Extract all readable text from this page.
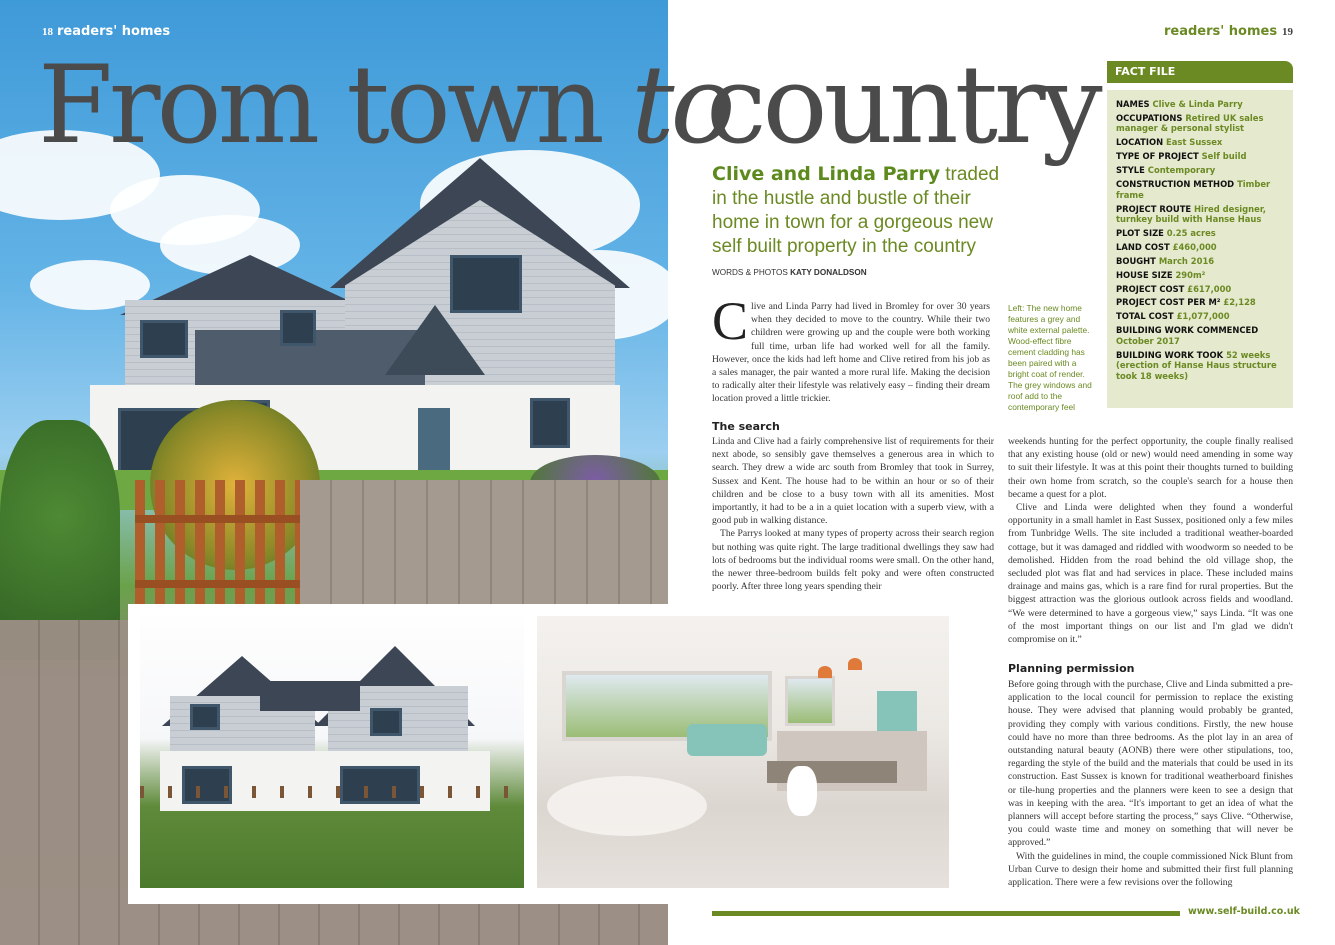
18 readers' homes
From town to
country
readers' homes 19
Clive and Linda Parry traded in the hustle and bustle of their home in town for a gorgeous new self built property in the country
WORDS & PHOTOS KATY DONALDSON
C live and Linda Parry had lived in Bromley for over 30 years when they decided to move to the country. While their two children were growing up and the couple were both working full time, urban life had worked well for all the family. However, once the kids had left home and Clive retired from his job as a sales manager, the pair wanted a more rural life. Making the decision to radically alter their lifestyle was relatively easy – finding their dream location proved a little trickier.
Left: The new home features a grey and white external palette. Wood-effect fibre cement cladding has been paired with a bright coat of render. The grey windows and roof add to the contemporary feel
The search

Linda and Clive had a fairly comprehensive list of requirements for their next abode, so sensibly gave themselves a generous area in which to search. They drew a wide arc south from Bromley that took in Surrey, Sussex and Kent. The house had to be within an hour or so of their children and be close to a busy town with all its amenities. Most importantly, it had to be a in a quiet location with a superb view, with a good pub in walking distance.

The Parrys looked at many types of property across their search region but nothing was quite right. The large traditional dwellings they saw had lots of bedrooms but the individual rooms were small. On the other hand, the newer three-bedroom builds felt poky and were often constructed poorly. After three long years spending their

weekends hunting for the perfect opportunity, the couple finally realised that any existing house (old or new) would need amending in some way to suit their lifestyle. It was at this point their thoughts turned to building their own home from scratch, so the couple's search for a house then became a quest for a plot.

Clive and Linda were delighted when they found a wonderful opportunity in a small hamlet in East Sussex, positioned only a few miles from Tunbridge Wells. The site included a traditional weather-boarded cottage, but it was damaged and riddled with woodworm so needed to be demolished. Hidden from the road behind the old village shop, the secluded plot was flat and had services in place. These included mains drainage and mains gas, which is a rare find for rural properties. But the biggest attraction was the glorious outlook across fields and woodland. “We were determined to have a gorgeous view,” says Linda. “It was one of the most important things on our list and I'm glad we didn't compromise on it.”

Planning permission

Before going through with the purchase, Clive and Linda submitted a pre-application to the local council for permission to replace the existing house. They were advised that planning would probably be granted, providing they comply with various conditions. Firstly, the new house could have no more than three bedrooms. As the plot lay in an area of outstanding natural beauty (AONB) there were other stipulations, too, regarding the style of the build and the materials that could be used in its construction. East Sussex is known for traditional weatherboard finishes or tile-hung properties and the planners were keen to see a design that was in keeping with the area. “It's important to get an idea of what the planners will accept before starting the process,” says Clive. “Otherwise, you could waste time and money on something that will never be approved.”

With the guidelines in mind, the couple commissioned Nick Blunt from Urban Curve to design their home and submitted their first full planning application. There were a few revisions over the following

FACT FILE
NAMES Clive & Linda Parry
OCCUPATIONS Retired UK sales manager & personal stylist
LOCATION East Sussex
TYPE OF PROJECT Self build
STYLE Contemporary
CONSTRUCTION METHOD Timber frame
PROJECT ROUTE Hired designer, turnkey build with Hanse Haus
PLOT SIZE 0.25 acres
LAND COST £460,000
BOUGHT March 2016
HOUSE SIZE 290m²
PROJECT COST £617,000
PROJECT COST PER M² £2,128
TOTAL COST £1,077,000
BUILDING WORK COMMENCED October 2017
BUILDING WORK TOOK 52 weeks (erection of Hanse Haus structure took 18 weeks)
www.self-build.co.uk
